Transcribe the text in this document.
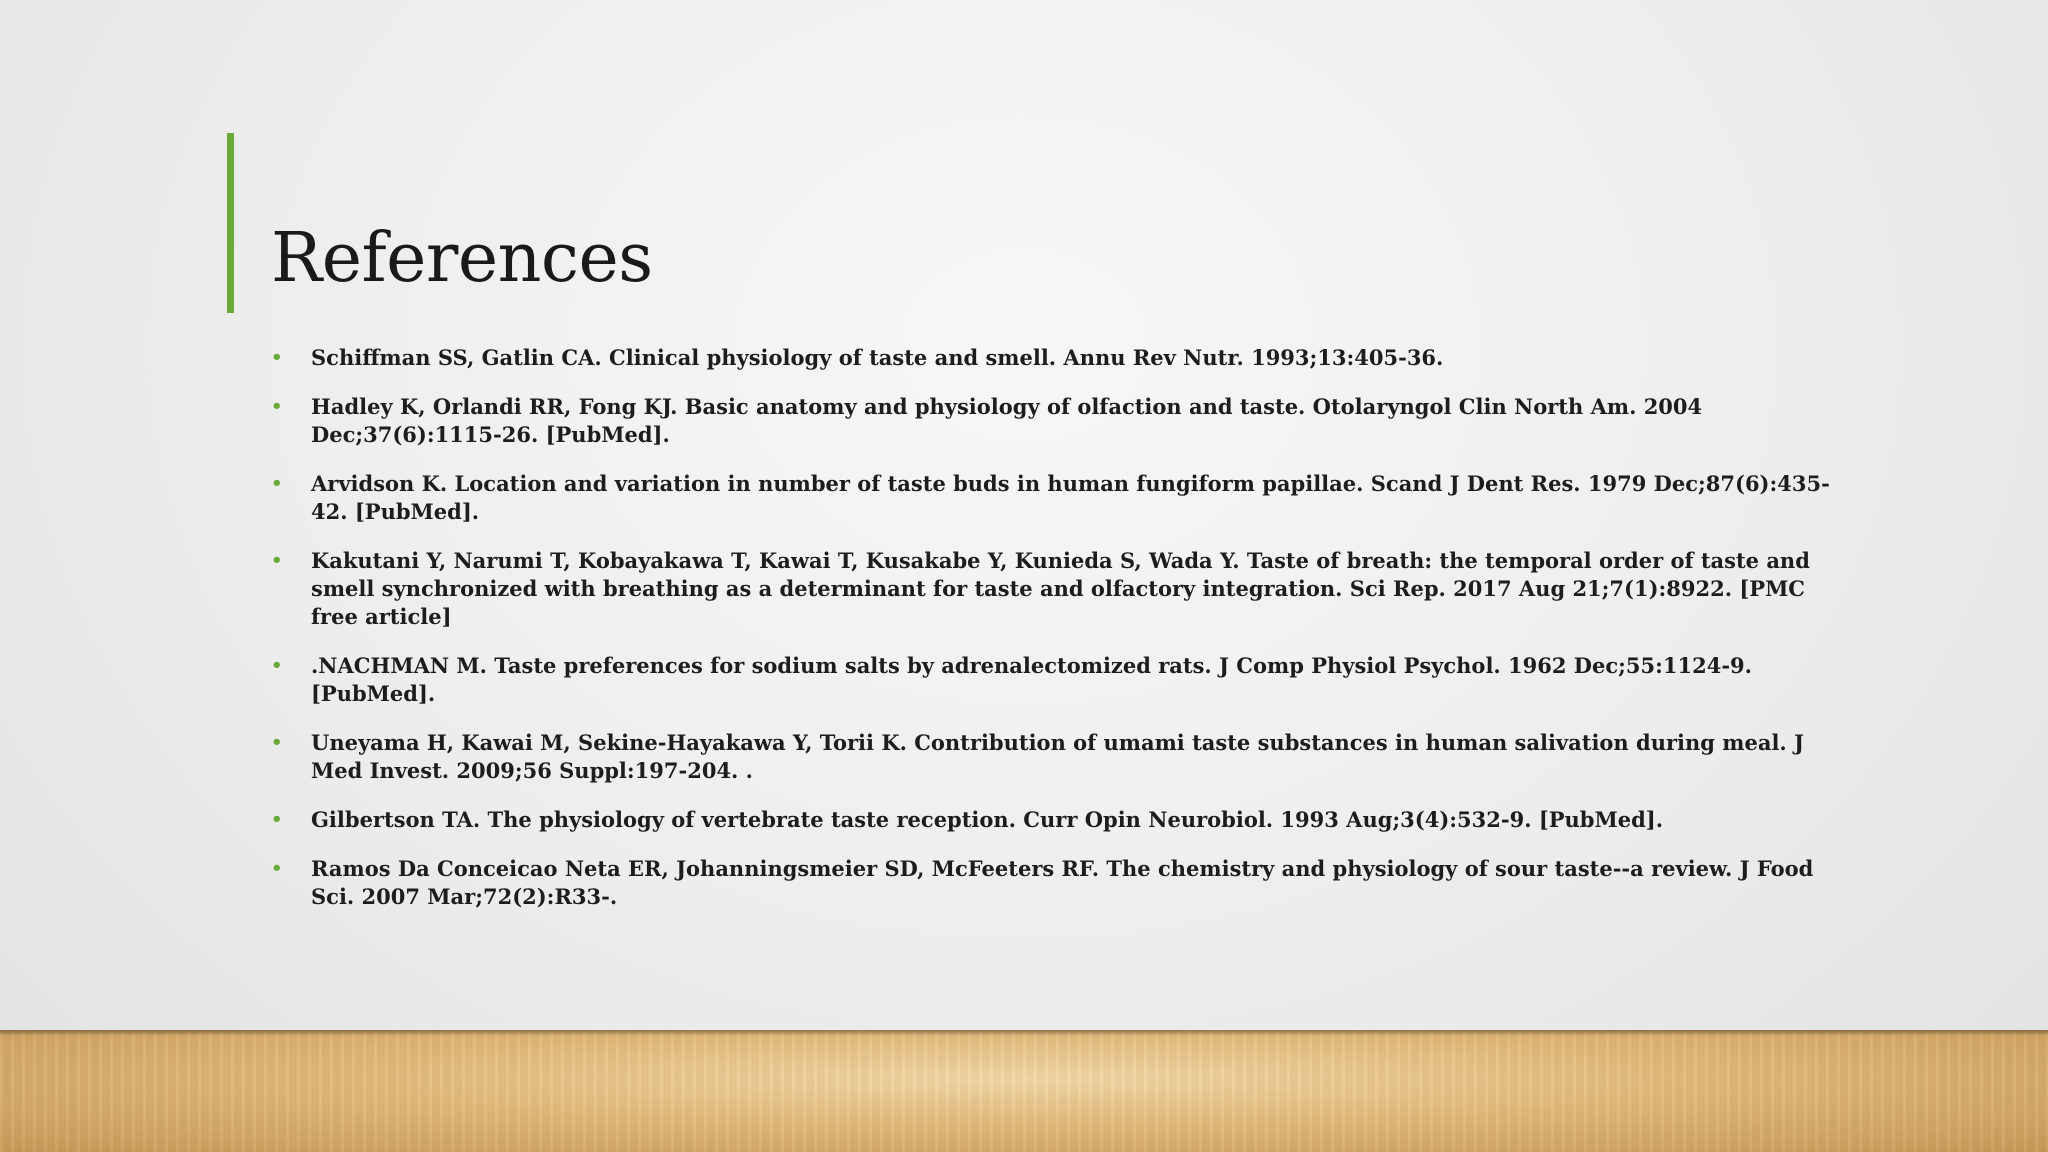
References
• Schiffman SS, Gatlin CA. Clinical physiology of taste and smell. Annu Rev Nutr. 1993;13:405-36.
• Hadley K, Orlandi RR, Fong KJ. Basic anatomy and physiology of olfaction and taste. Otolaryngol Clin North Am. 2004 Dec;37(6):1115-26. [PubMed].
• Arvidson K. Location and variation in number of taste buds in human fungiform papillae. Scand J Dent Res. 1979 Dec;87(6):435-42. [PubMed].
• Kakutani Y, Narumi T, Kobayakawa T, Kawai T, Kusakabe Y, Kunieda S, Wada Y. Taste of breath: the temporal order of taste and smell synchronized with breathing as a determinant for taste and olfactory integration. Sci Rep. 2017 Aug 21;7(1):8922. [PMC free article]
• .NACHMAN M. Taste preferences for sodium salts by adrenalectomized rats. J Comp Physiol Psychol. 1962 Dec;55:1124-9. [PubMed].
• Uneyama H, Kawai M, Sekine-Hayakawa Y, Torii K. Contribution of umami taste substances in human salivation during meal. J Med Invest. 2009;56 Suppl:197-204. .
• Gilbertson TA. The physiology of vertebrate taste reception. Curr Opin Neurobiol. 1993 Aug;3(4):532-9. [PubMed].
• Ramos Da Conceicao Neta ER, Johanningsmeier SD, McFeeters RF. The chemistry and physiology of sour taste--a review. J Food Sci. 2007 Mar;72(2):R33-.
